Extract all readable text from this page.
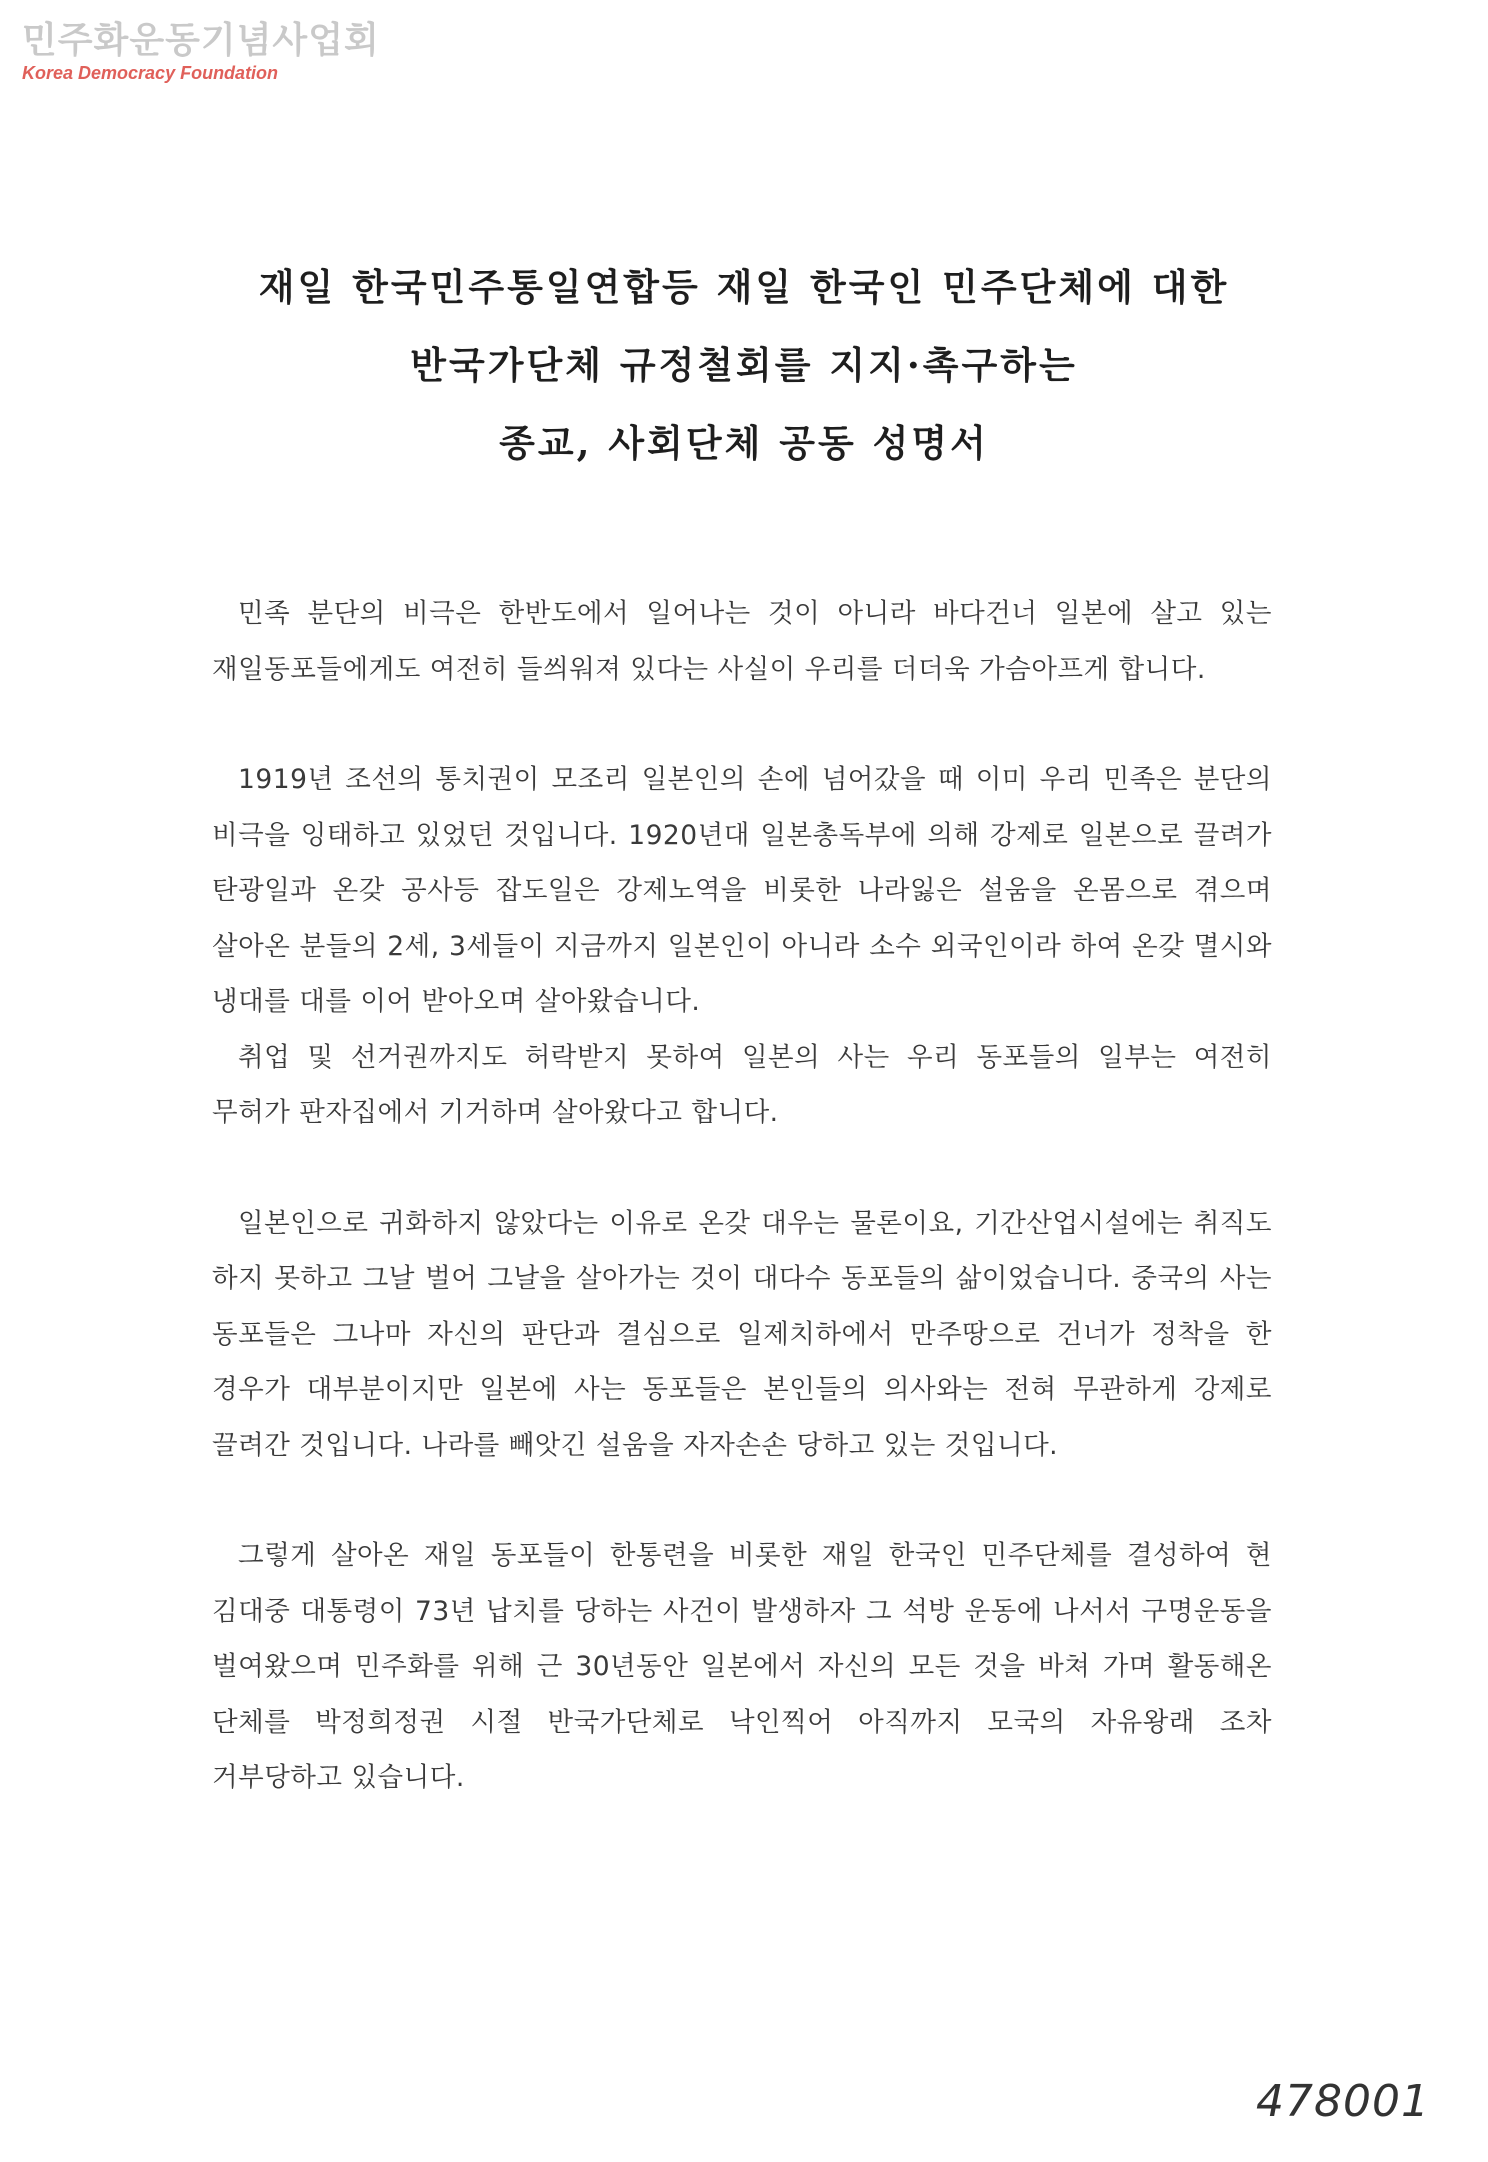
민주화운동기념사업회
Korea Democracy Foundation
재일 한국민주통일연합등 재일 한국인 민주단체에 대한
반국가단체 규정철회를 지지·촉구하는
종교, 사회단체 공동 성명서

민족 분단의 비극은 한반도에서 일어나는 것이 아니라 바다건너 일본에 살고 있는 재일동포들에게도 여전히 들씌워져 있다는 사실이 우리를 더더욱 가슴아프게 합니다.

1919년 조선의 통치권이 모조리 일본인의 손에 넘어갔을 때 이미 우리 민족은 분단의 비극을 잉태하고 있었던 것입니다. 1920년대 일본총독부에 의해 강제로 일본으로 끌려가 탄광일과 온갖 공사등 잡도일은 강제노역을 비롯한 나라잃은 설움을 온몸으로 겪으며 살아온 분들의 2세, 3세들이 지금까지 일본인이 아니라 소수 외국인이라 하여 온갖 멸시와 냉대를 대를 이어 받아오며 살아왔습니다.

취업 및 선거권까지도 허락받지 못하여 일본의 사는 우리 동포들의 일부는 여전히 무허가 판자집에서 기거하며 살아왔다고 합니다.

일본인으로 귀화하지 않았다는 이유로 온갖 대우는 물론이요, 기간산업시설에는 취직도 하지 못하고 그날 벌어 그날을 살아가는 것이 대다수 동포들의 삶이었습니다. 중국의 사는 동포들은 그나마 자신의 판단과 결심으로 일제치하에서 만주땅으로 건너가 정착을 한 경우가 대부분이지만 일본에 사는 동포들은 본인들의 의사와는 전혀 무관하게 강제로 끌려간 것입니다. 나라를 빼앗긴 설움을 자자손손 당하고 있는 것입니다.

그렇게 살아온 재일 동포들이 한통련을 비롯한 재일 한국인 민주단체를 결성하여 현 김대중 대통령이 73년 납치를 당하는 사건이 발생하자 그 석방 운동에 나서서 구명운동을 벌여왔으며 민주화를 위해 근 30년동안 일본에서 자신의 모든 것을 바쳐 가며 활동해온 단체를 박정희정권 시절 반국가단체로 낙인찍어 아직까지 모국의 자유왕래 조차 거부당하고 있습니다.

478001
